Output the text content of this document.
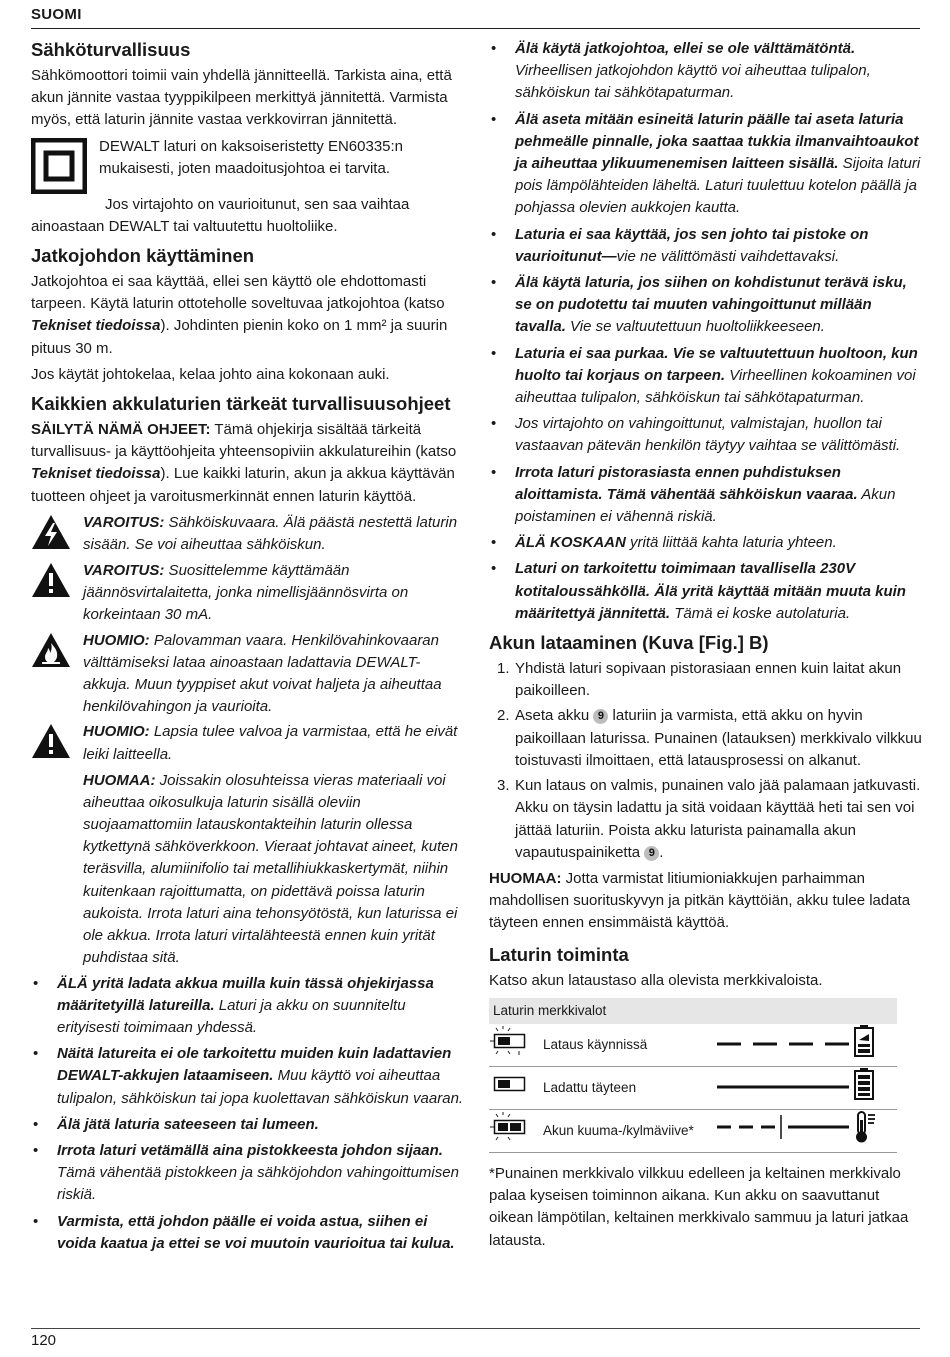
SUOMI
Sähköturvallisuus

Sähkömoottori toimii vain yhdellä jännitteellä. Tarkista aina, että akun jännite vastaa tyyppikilpeen merkittyä jännitettä. Varmista myös, että laturin jännite vastaa verkkovirran jännitettä.

DEWALT laturi on kaksoiseristetty EN60335:n mukaisesti, joten maadoitusjohtoa ei tarvita.

Jos virtajohto on vaurioitunut, sen saa vaihtaa ainoastaan DEWALT tai valtuutettu huoltoliike.

Jatkojohdon käyttäminen

Jatkojohtoa ei saa käyttää, ellei sen käyttö ole ehdottomasti tarpeen. Käytä laturin ottoteholle soveltuvaa jatkojohtoa (katso Tekniset tiedoissa). Johdinten pienin koko on 1 mm² ja suurin pituus 30 m.

Jos käytät johtokelaa, kelaa johto aina kokonaan auki.

Kaikkien akkulaturien tärkeät turvallisuusohjeet

SÄILYTÄ NÄMÄ OHJEET: Tämä ohjekirja sisältää tärkeitä turvallisuus- ja käyttöohjeita yhteensopiviin akkulatureihin (katso Tekniset tiedoissa). Lue kaikki laturin, akun ja akkua käyttävän tuotteen ohjeet ja varoitusmerkinnät ennen laturin käyttöä.

VAROITUS: Sähköiskuvaara. Älä päästä nestettä laturin sisään. Se voi aiheuttaa sähköiskun.
VAROITUS: Suosittelemme käyttämään jäännösvirtalaitetta, jonka nimellisjäännösvirta on korkeintaan 30 mA.
HUOMIO: Palovamman vaara. Henkilövahinkovaaran välttämiseksi lataa ainoastaan ladattavia DEWALT-akkuja. Muun tyyppiset akut voivat haljeta ja aiheuttaa henkilövahingon ja vaurioita.
HUOMIO: Lapsia tulee valvoa ja varmistaa, että he eivät leiki laitteella.
HUOMAA: Joissakin olosuhteissa vieras materiaali voi aiheuttaa oikosulkuja laturin sisällä oleviin suojaamattomiin latauskontakteihin laturin ollessa kytkettynä sähköverkkoon. Vieraat johtavat aineet, kuten teräsvilla, alumiinifolio tai metallihiukkaskertymät, niihin kuitenkaan rajoittumatta, on pidettävä poissa laturin aukoista. Irrota laturi aina tehonsyötöstä, kun laturissa ei ole akkua. Irrota laturi virtalähteestä ennen kuin yrität puhdistaa sitä.
• ÄLÄ yritä ladata akkua muilla kuin tässä ohjekirjassa määritetyillä latureilla. Laturi ja akku on suunniteltu erityisesti toimimaan yhdessä.
• Näitä latureita ei ole tarkoitettu muiden kuin ladattavien DEWALT-akkujen lataamiseen. Muu käyttö voi aiheuttaa tulipalon, sähköiskun tai jopa kuolettavan sähköiskun vaaran.
• Älä jätä laturia sateeseen tai lumeen.
• Irrota laturi vetämällä aina pistokkeesta johdon sijaan. Tämä vähentää pistokkeen ja sähköjohdon vahingoittumisen riskiä.
• Varmista, että johdon päälle ei voida astua, siihen ei voida kaatua ja ettei se voi muutoin vaurioitua tai kulua.
• Älä käytä jatkojohtoa, ellei se ole välttämätöntä. Virheellisen jatkojohdon käyttö voi aiheuttaa tulipalon, sähköiskun tai sähkötapaturman.
• Älä aseta mitään esineitä laturin päälle tai aseta laturia pehmeälle pinnalle, joka saattaa tukkia ilmanvaihtoaukot ja aiheuttaa ylikuumenemisen laitteen sisällä. Sijoita laturi pois lämpölähteiden läheltä. Laturi tuulettuu kotelon päällä ja pohjassa olevien aukkojen kautta.
• Laturia ei saa käyttää, jos sen johto tai pistoke on vaurioitunut—vie ne välittömästi vaihdettavaksi.
• Älä käytä laturia, jos siihen on kohdistunut terävä isku, se on pudotettu tai muuten vahingoittunut millään tavalla. Vie se valtuutettuun huoltoliikkeeseen.
• Laturia ei saa purkaa. Vie se valtuutettuun huoltoon, kun huolto tai korjaus on tarpeen. Virheellinen kokoaminen voi aiheuttaa tulipalon, sähköiskun tai sähkötapaturman.
• Jos virtajohto on vahingoittunut, valmistajan, huollon tai vastaavan pätevän henkilön täytyy vaihtaa se välittömästi.
• Irrota laturi pistorasiasta ennen puhdistuksen aloittamista. Tämä vähentää sähköiskun vaaraa. Akun poistaminen ei vähennä riskiä.
• ÄLÄ KOSKAAN yritä liittää kahta laturia yhteen.
• Laturi on tarkoitettu toimimaan tavallisella 230V kotitaloussähköllä. Älä yritä käyttää mitään muuta kuin määritettyä jännitettä. Tämä ei koske autolaturia.
Akun lataaminen (Kuva [Fig.] B)
1. Yhdistä laturi sopivaan pistorasiaan ennen kuin laitat akun paikoilleen.
2. Aseta akku 9 laturiin ja varmista, että akku on hyvin paikoillaan laturissa. Punainen (latauksen) merkkivalo vilkkuu toistuvasti ilmoittaen, että latausprosessi on alkanut.
3. Kun lataus on valmis, punainen valo jää palamaan jatkuvasti. Akku on täysin ladattu ja sitä voidaan käyttää heti tai sen voi jättää laturiin. Poista akku laturista painamalla akun vapautuspainiketta 9 .

HUOMAA: Jotta varmistat litiumioniakkujen parhaimman mahdollisen suorituskyvyn ja pitkän käyttöiän, akku tulee ladata täyteen ennen ensimmäistä käyttöä.

Laturin toiminta

Katso akun lataustaso alla olevista merkkivaloista.

Laturin merkkivalot			
	Lataus käynnissä		
	Ladattu täyteen		
	Akun kuuma-/kylmäviive*		
*Punainen merkkivalo vilkkuu edelleen ja keltainen merkkivalo palaa kyseisen toiminnon aikana. Kun akku on saavuttanut oikean lämpötilan, keltainen merkkivalo sammuu ja laturi jatkaa latausta.
120
